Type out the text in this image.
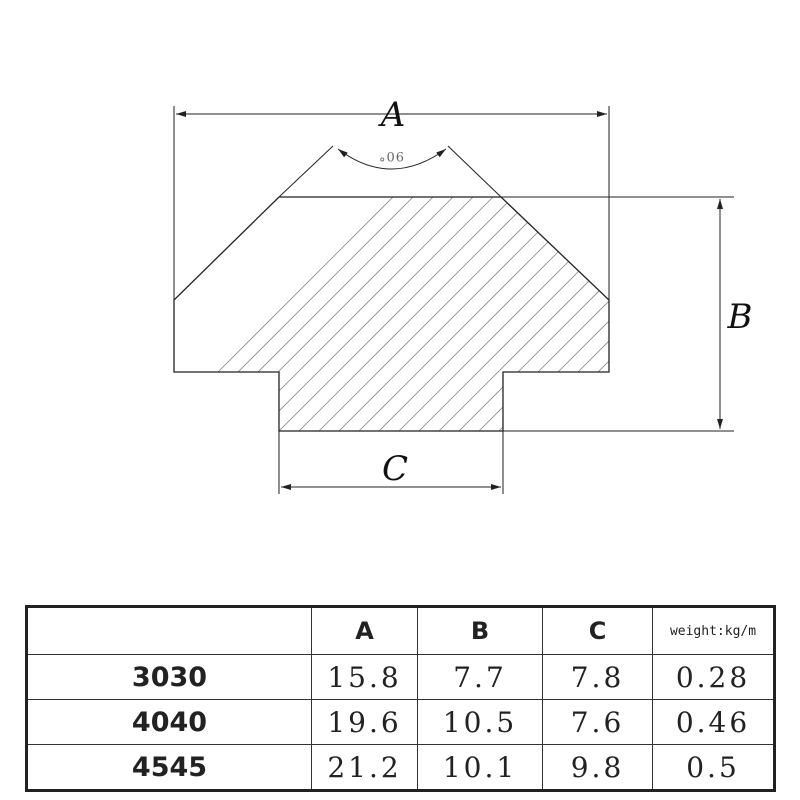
A
B
C
90°
	A	B	C	weight:kg/m
3030	15.8	7.7	7.8	0.28
4040	19.6	10.5	7.6	0.46
4545	21.2	10.1	9.8	0.5
